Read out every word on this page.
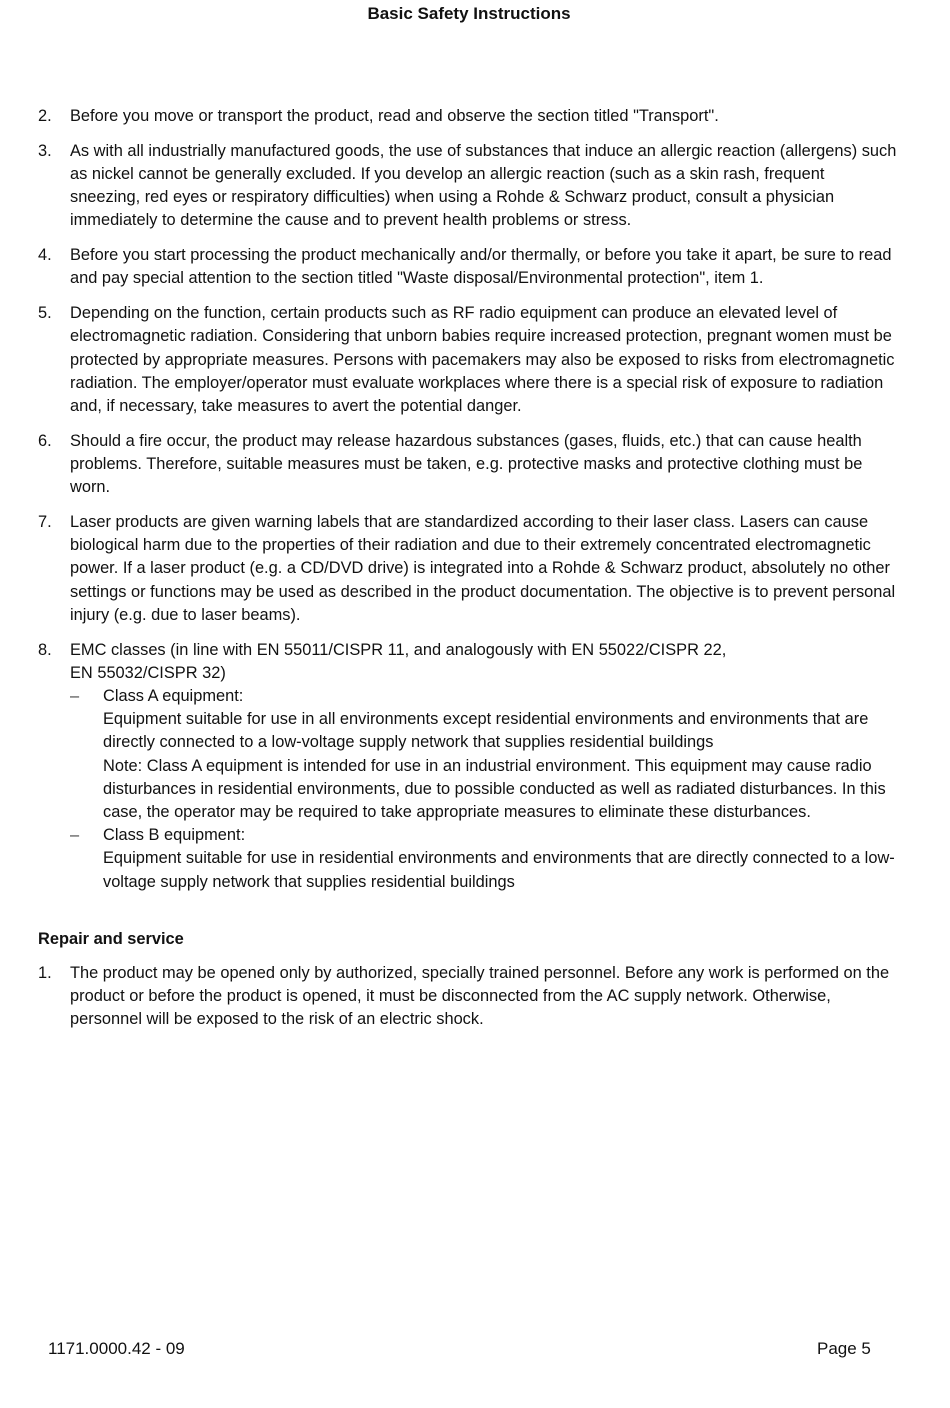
Basic Safety Instructions
2.	Before you move or transport the product, read and observe the section titled "Transport".
3.	As with all industrially manufactured goods, the use of substances that induce an allergic reaction (allergens) such as nickel cannot be generally excluded. If you develop an allergic reaction (such as a skin rash, frequent sneezing, red eyes or respiratory difficulties) when using a Rohde & Schwarz product, consult a physician immediately to determine the cause and to prevent health problems or stress.
4.	Before you start processing the product mechanically and/or thermally, or before you take it apart, be sure to read and pay special attention to the section titled "Waste disposal/Environmental protection", item 1.
5.	Depending on the function, certain products such as RF radio equipment can produce an elevated level of electromagnetic radiation. Considering that unborn babies require increased protection, pregnant women must be protected by appropriate measures. Persons with pacemakers may also be exposed to risks from electromagnetic radiation. The employer/operator must evaluate workplaces where there is a special risk of exposure to radiation and, if necessary, take measures to avert the potential danger.
6.	Should a fire occur, the product may release hazardous substances (gases, fluids, etc.) that can cause health problems. Therefore, suitable measures must be taken, e.g. protective masks and protective clothing must be worn.
7.	Laser products are given warning labels that are standardized according to their laser class. Lasers can cause biological harm due to the properties of their radiation and due to their extremely concentrated electromagnetic power. If a laser product (e.g. a CD/DVD drive) is integrated into a Rohde & Schwarz product, absolutely no other settings or functions may be used as described in the product documentation. The objective is to prevent personal injury (e.g. due to laser beams).
8.	EMC classes (in line with EN 55011/CISPR 11, and analogously with EN 55022/CISPR 22,
EN 55032/CISPR 32)
–	Class A equipment:
Equipment suitable for use in all environments except residential environments and environments that are directly connected to a low-voltage supply network that supplies residential buildings
Note: Class A equipment is intended for use in an industrial environment. This equipment may cause radio disturbances in residential environments, due to possible conducted as well as radiated disturbances. In this case, the operator may be required to take appropriate measures to eliminate these disturbances.
–	Class B equipment:
Equipment suitable for use in residential environments and environments that are directly connected to a low-voltage supply network that supplies residential buildings
Repair and service
1.	The product may be opened only by authorized, specially trained personnel. Before any work is performed on the product or before the product is opened, it must be disconnected from the AC supply network. Otherwise, personnel will be exposed to the risk of an electric shock.
1171.0000.42 - 09	Page 5
